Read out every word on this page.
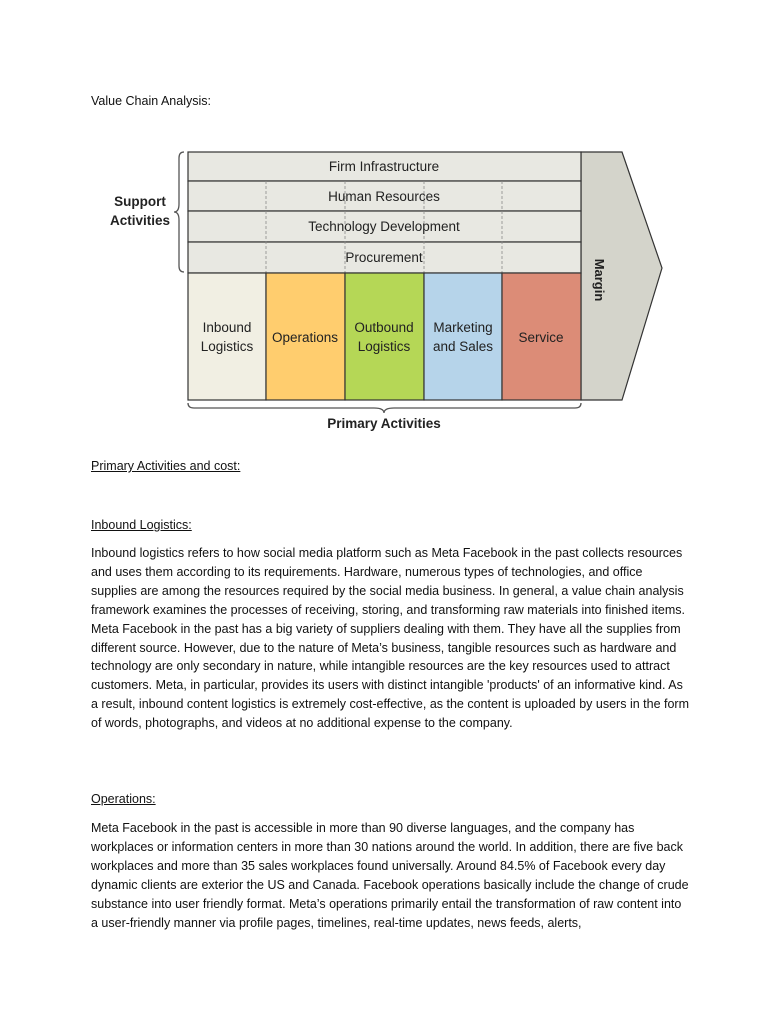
Value Chain Analysis:
Firm Infrastructure
Human Resources
Technology Development
Procurement
Inbound
Logistics
Operations
Outbound
Logistics
Marketing
and Sales
Service
Margin
Support
Activities
Primary Activities
Primary Activities and cost:
Inbound Logistics:

Inbound logistics refers to how social media platform such as Meta Facebook in the past collects resources and uses them according to its requirements. Hardware, numerous types of technologies, and office supplies are among the resources required by the social media business. In general, a value chain analysis framework examines the processes of receiving, storing, and transforming raw materials into finished items. Meta Facebook in the past has a big variety of suppliers dealing with them. They have all the supplies from different source. However, due to the nature of Meta’s business, tangible resources such as hardware and technology are only secondary in nature, while intangible resources are the key resources used to attract customers. Meta, in particular, provides its users with distinct intangible 'products' of an informative kind. As a result, inbound content logistics is extremely cost-effective, as the content is uploaded by users in the form of words, photographs, and videos at no additional expense to the company.

Operations:

Meta Facebook in the past is accessible in more than 90 diverse languages, and the company has workplaces or information centers in more than 30 nations around the world. In addition, there are five back workplaces and more than 35 sales workplaces found universally. Around 84.5% of Facebook every day dynamic clients are exterior the US and Canada. Facebook operations basically include the change of crude substance into user friendly format. Meta’s operations primarily entail the transformation of raw content into a user-friendly manner via profile pages, timelines, real-time updates, news feeds, alerts,
